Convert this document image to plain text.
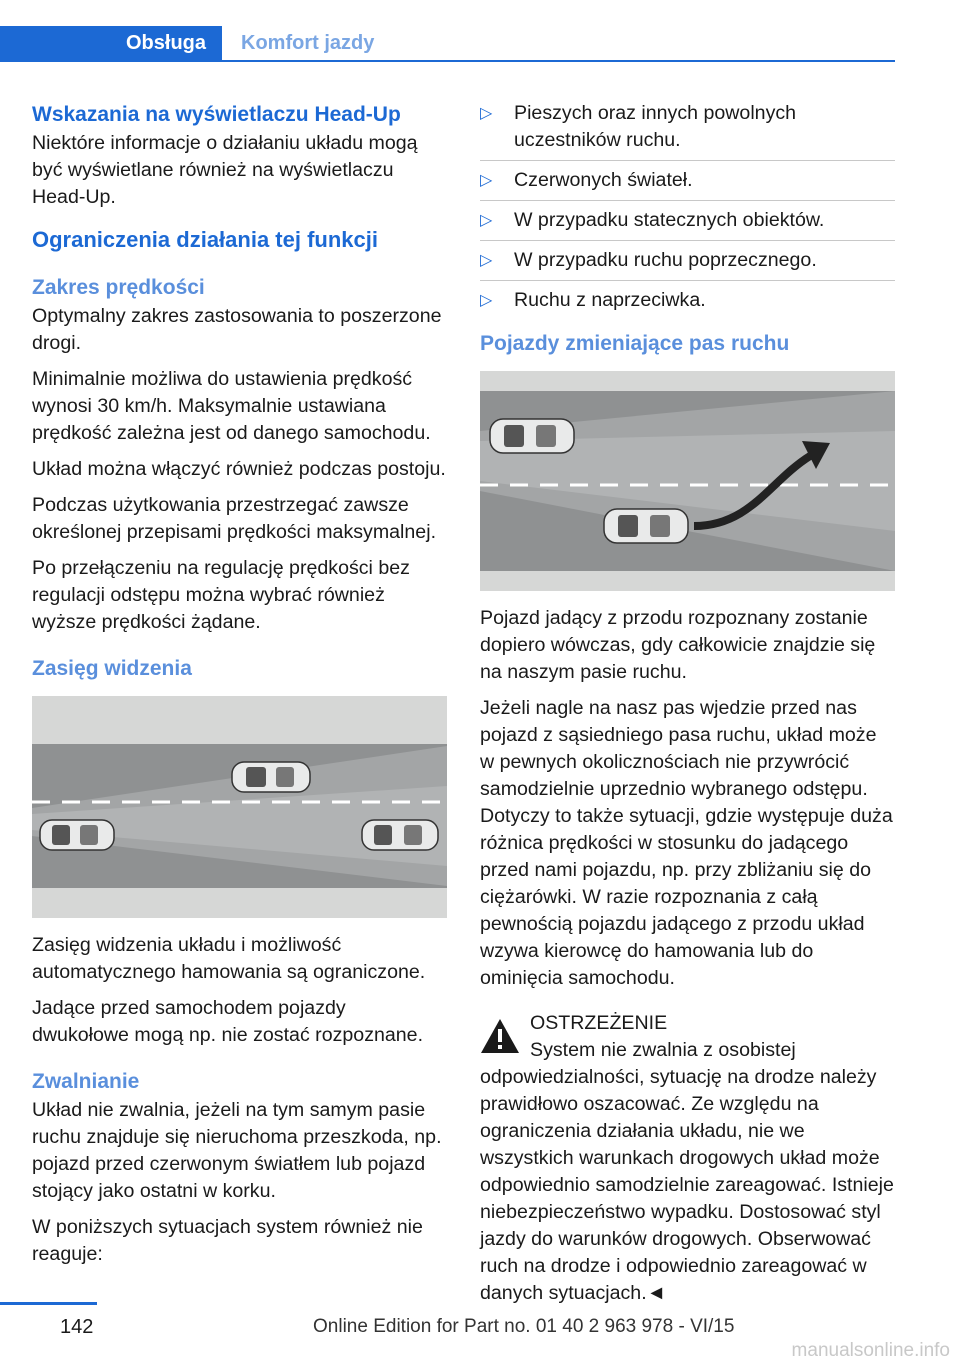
Obsługa	Komfort jazdy
Wskazania na wyświetlaczu Head-Up

Niektóre informacje o działaniu układu mogą być wyświetlane również na wyświetlaczu Head-Up.

Ograniczenia działania tej funkcji
Zakres prędkości

Optymalny zakres zastosowania to poszerzone drogi.

Minimalnie możliwa do ustawienia prędkość wynosi 30 km/h. Maksymalnie ustawiana prędkość zależna jest od danego samochodu.

Układ można włączyć również podczas postoju.

Podczas użytkowania przestrzegać zawsze określonej przepisami prędkości maksymalnej.

Po przełączeniu na regulację prędkości bez regulacji odstępu można wybrać również wyższe prędkości żądane.

Zasięg widzenia

Zasięg widzenia układu i możliwość automatycznego hamowania są ograniczone.

Jadące przed samochodem pojazdy dwukołowe mogą np. nie zostać rozpoznane.

Zwalnianie

Układ nie zwalnia, jeżeli na tym samym pasie ruchu znajduje się nieruchoma przeszkoda, np. pojazd przed czerwonym światłem lub pojazd stojący jako ostatni w korku.

W poniższych sytuacjach system również nie reaguje:

▷ Pieszych oraz innych powolnych uczestników ruchu.
▷ Czerwonych świateł.
▷ W przypadku statecznych obiektów.
▷ W przypadku ruchu poprzecznego.
▷ Ruchu z naprzeciwka.
Pojazdy zmieniające pas ruchu

Pojazd jadący z przodu rozpoznany zostanie dopiero wówczas, gdy całkowicie znajdzie się na naszym pasie ruchu.

Jeżeli nagle na nasz pas wjedzie przed nas pojazd z sąsiedniego pasa ruchu, układ może w pewnych okolicznościach nie przywrócić samodzielnie uprzednio wybranego odstępu. Dotyczy to także sytuacji, gdzie występuje duża różnica prędkości w stosunku do jadącego przed nami pojazdu, np. przy zbliżaniu się do ciężarówki. W razie rozpoznania z całą pewnością pojazdu jadącego z przodu układ wzywa kierowcę do hamowania lub do ominięcia samochodu.

OSTRZEŻENIE

System nie zwalnia z osobistej odpowiedzialności, sytuację na drodze należy prawidłowo oszacować. Ze względu na ograniczenia działania układu, nie we wszystkich warunkach drogowych układ może odpowiednio samodzielnie zareagować. Istnieje niebezpieczeństwo wypadku. Dostosować styl jazdy do warunków drogowych. Obserwować ruch na drodze i odpowiednio zareagować w danych sytuacjach.◄

142	Online Edition for Part no. 01 40 2 963 978 - VI/15
manualsonline.info
